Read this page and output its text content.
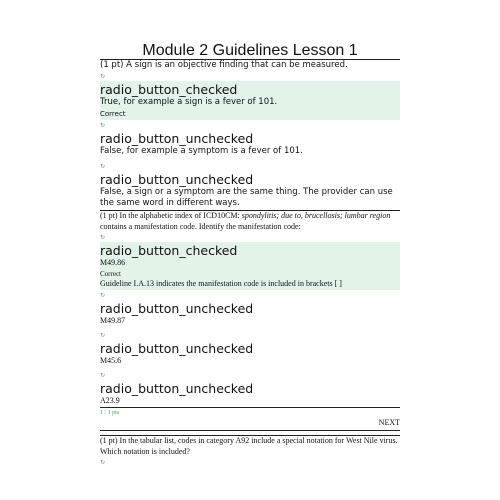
Module 2 Guidelines Lesson 1
(1 pt) A sign is an objective finding that can be measured.
↻
radio_button_checked
True, for example a sign is a fever of 101.
Correct
↻
radio_button_unchecked
False, for example a symptom is a fever of 101.
↻
radio_button_unchecked
False, a sign or a symptom are the same thing. The provider can use the same word in different ways.
(1 pt) In the alphabetic index of ICD10CM: spondylitis; due to, brucellosis; lumbar region contains a manifestation code. Identify the manifestation code:
↻
radio_button_checked
M49.86
Correct
Guideline I.A.13 indicates the manifestation code is included in brackets [ ]
↻
radio_button_unchecked
M49.87
↻
radio_button_unchecked
M45.6
↻
radio_button_unchecked
A23.9
1 / 1 pts
NEXT
(1 pt) In the tabular list, codes in category A92 include a special notation for West Nile virus. Which notation is included?
↻
